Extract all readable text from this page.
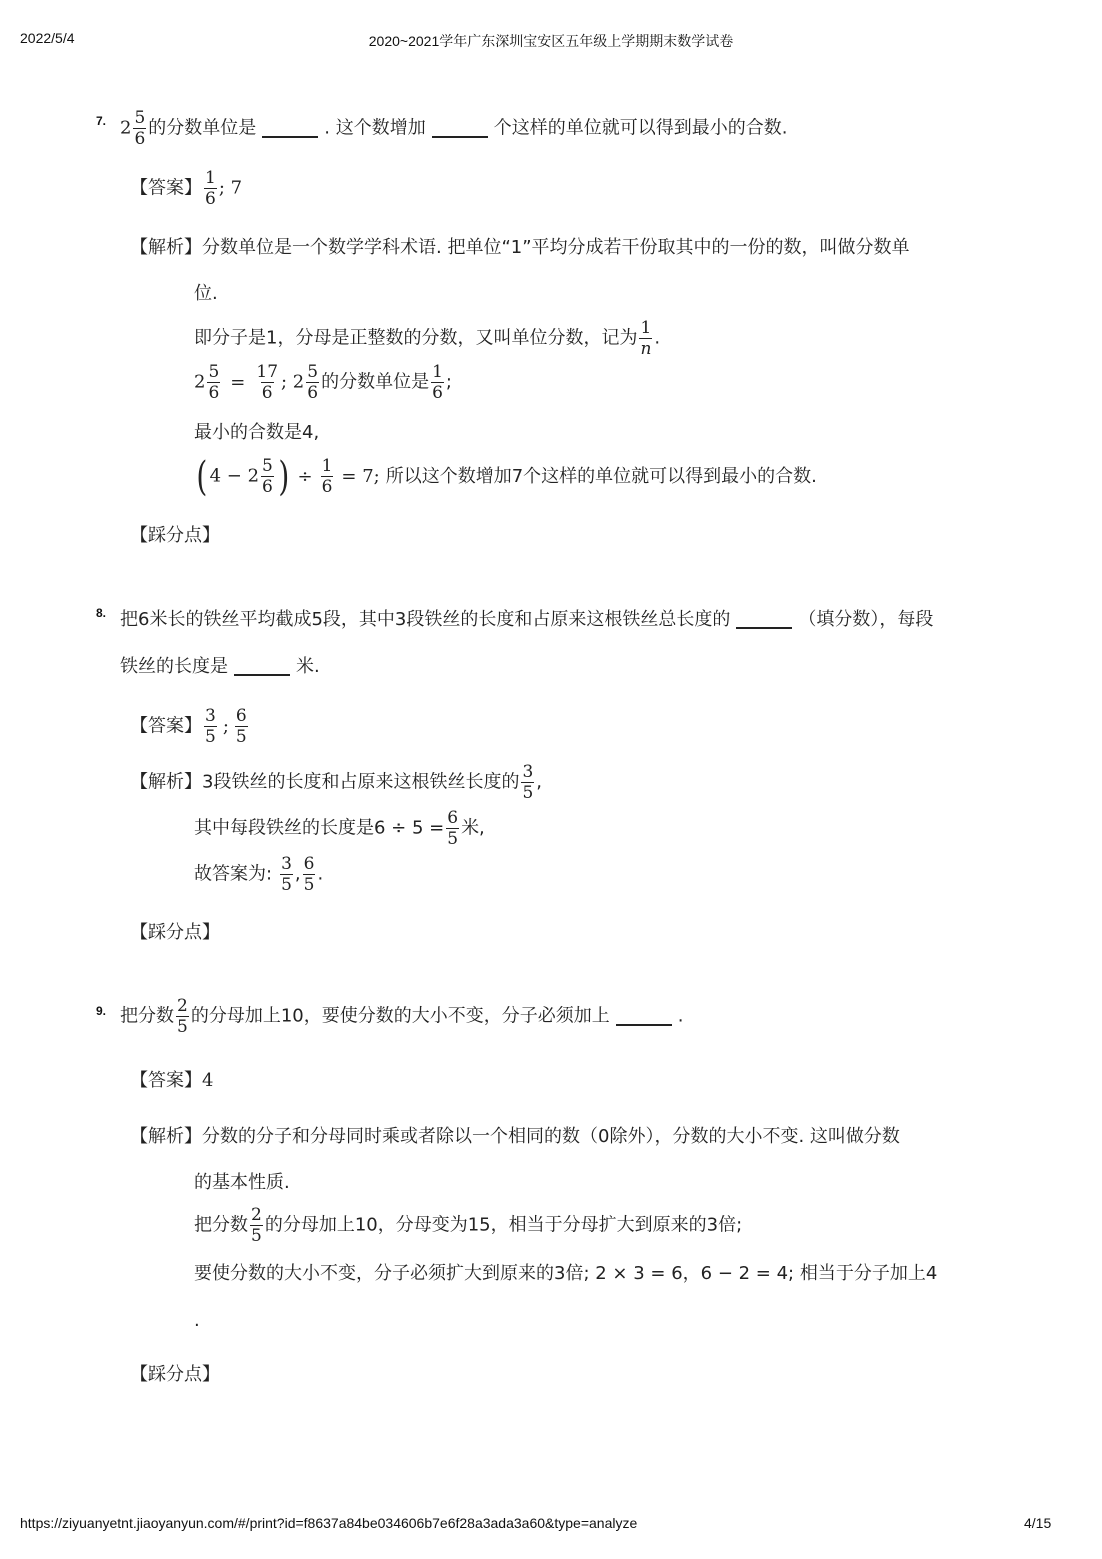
2022/5/4	2020~2021学年广东深圳宝安区五年级上学期期末数学试卷
7. $2 \frac{5}{6}$ 的分数单位是	. 这个数增加	个这样的单位就可以得到最小的合数.
【答案】 $\frac{1}{6}$ ; 7
【解析】分数单位是一个数学学科术语. 把单位“1”平均分成若干份取其中的一份的数，叫做分数单
位.
即分子是1，分母是正整数的分数，又叫单位分数，记为 $\frac{1}{n}$ .
$2 \frac{5}{6} = \frac{17}{6}$ ; $2 \frac{5}{6}$ 的分数单位是 $\frac{1}{6}$ ;
最小的合数是4,
( $4 - 2 \frac{5}{6}$ ) ÷ $\frac{1}{6} = 7$; 所以这个数增加7个这样的单位就可以得到最小的合数.
【踩分点】
8. 把6米长的铁丝平均截成5段，其中3段铁丝的长度和占原来这根铁丝总长度的	（填分数），每段
铁丝的长度是	米.
【答案】 $\frac{3}{5}$ ; $\frac{6}{5}$
【解析】3段铁丝的长度和占原来这根铁丝长度的 $\frac{3}{5}$ ,
其中每段铁丝的长度是$6 \div 5 = \frac{6}{5}$ 米,
故答案为: $\frac{3}{5}$ , $\frac{6}{5}$ .
【踩分点】
9. 把分数 $\frac{2}{5}$ 的分母加上10，要使分数的大小不变，分子必须加上	.
【答案】4
【解析】分数的分子和分母同时乘或者除以一个相同的数（0除外），分数的大小不变. 这叫做分数
的基本性质.
把分数 $\frac{2}{5}$ 的分母加上10，分母变为15，相当于分母扩大到原来的3倍;
要使分数的大小不变，分子必须扩大到原来的3倍; 2 × 3 = 6，6 − 2 = 4; 相当于分子加上4
.
【踩分点】
https://ziyuanyetnt.jiaoyanyun.com/#/print?id=f8637a84be034606b7e6f28a3ada3a60&type=analyze	4/15
